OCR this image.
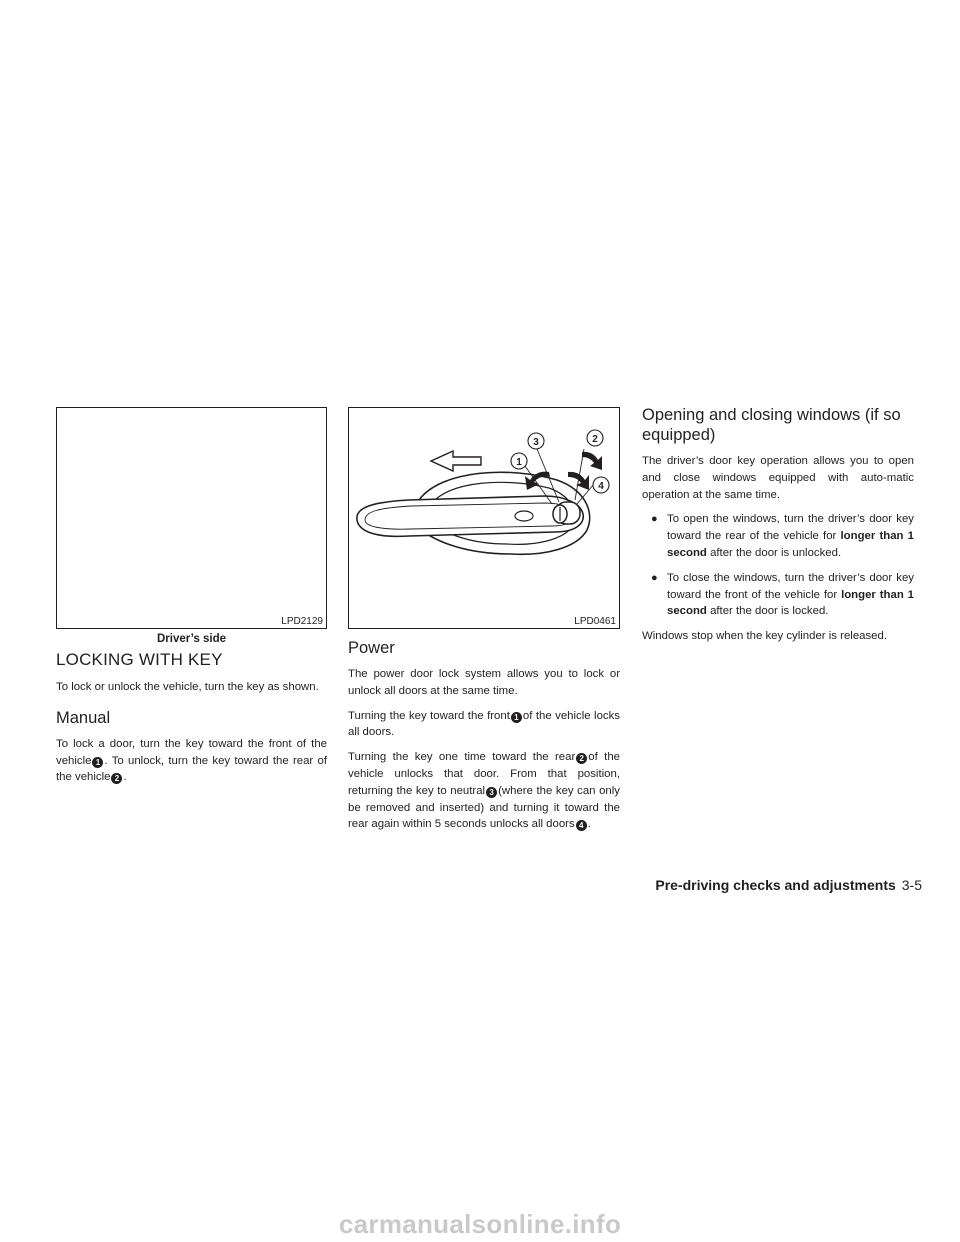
LPD2129
Driver’s side
1
2
3
4
LPD0461
LOCKING WITH KEY

To lock or unlock the vehicle, turn the key as shown.

Manual

To lock a door, turn the key toward the front of the vehicle 1 . To unlock, turn the key toward the rear of the vehicle 2 .

Power

The power door lock system allows you to lock or unlock all doors at the same time.

Turning the key toward the front 1 of the vehicle locks all doors.

Turning the key one time toward the rear 2 of the vehicle unlocks that door. From that position, returning the key to neutral 3 (where the key can only be removed and inserted) and turning it toward the rear again within 5 seconds unlocks all doors 4 .

Opening and closing windows (if so equipped)

The driver’s door key operation allows you to open and close windows equipped with auto-matic operation at the same time.

● To open the windows, turn the driver’s door key toward the rear of the vehicle for longer than 1 second after the door is unlocked.
● To close the windows, turn the driver’s door key toward the front of the vehicle for longer than 1 second after the door is locked.

Windows stop when the key cylinder is released.

Pre-driving checks and adjustments 3-5
carmanualsonline.info
